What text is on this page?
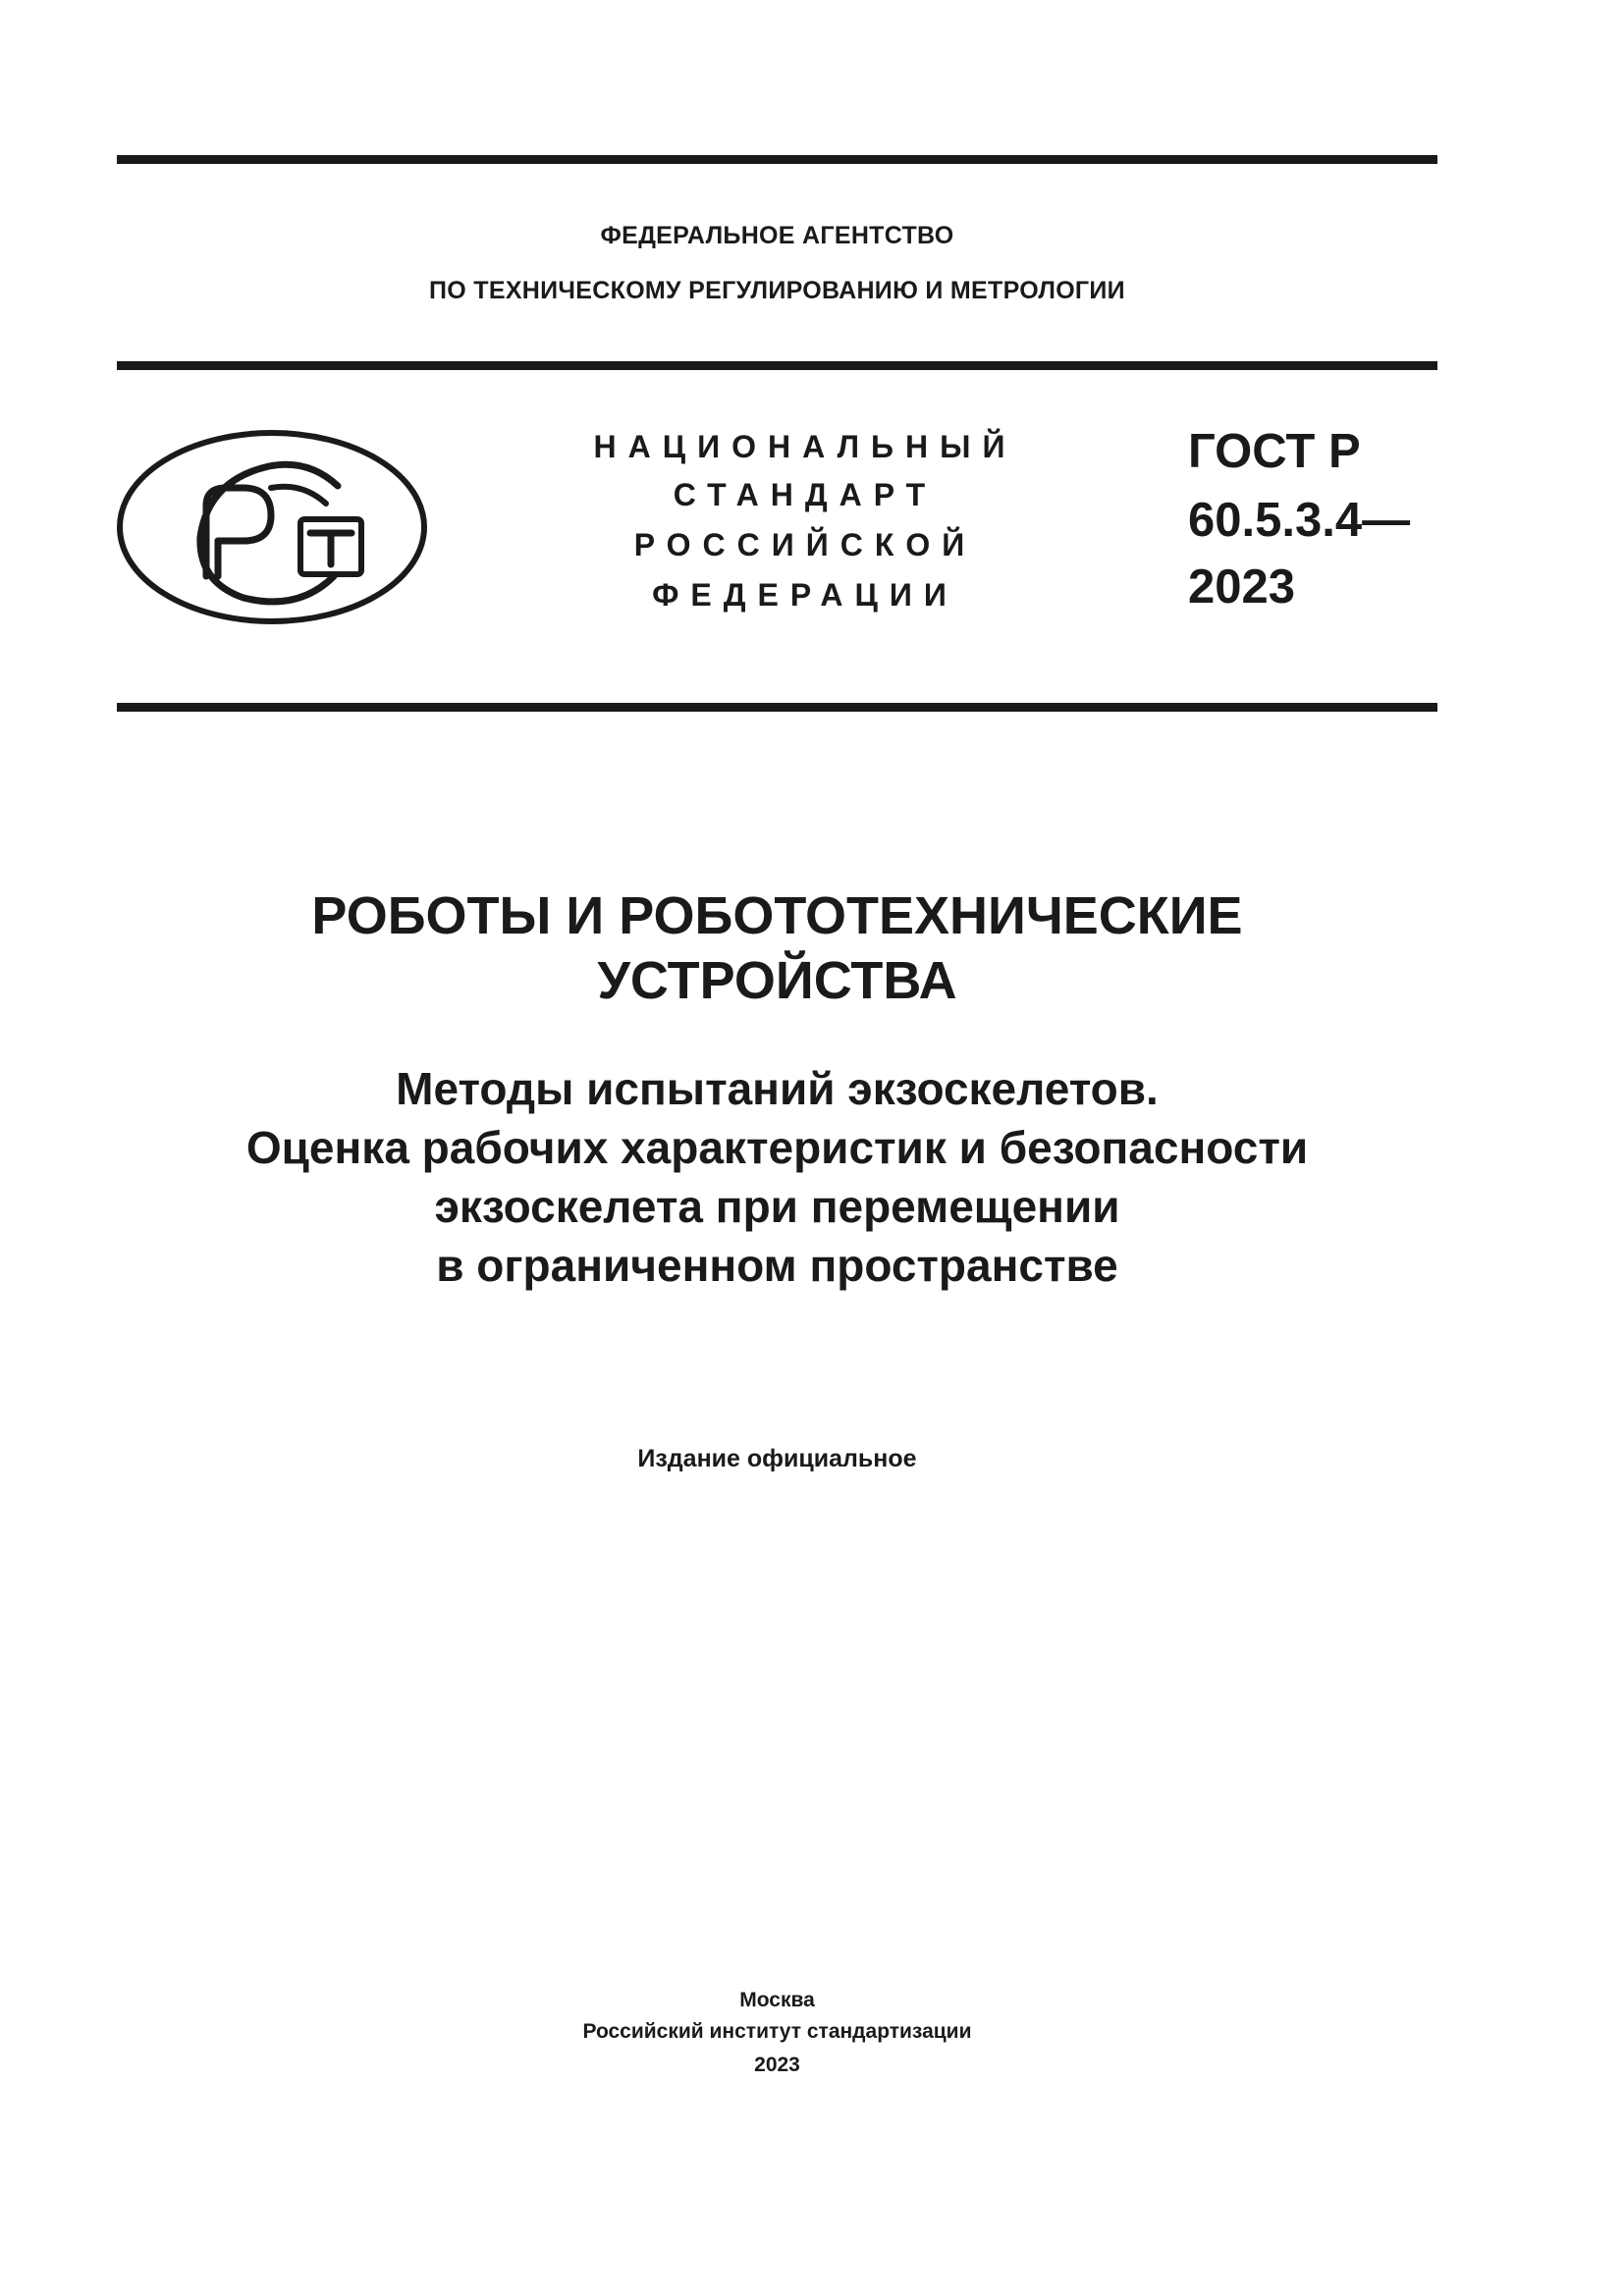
ФЕДЕРАЛЬНОЕ АГЕНТСТВО
ПО ТЕХНИЧЕСКОМУ РЕГУЛИРОВАНИЮ И МЕТРОЛОГИИ
НАЦИОНАЛЬНЫЙ
СТАНДАРТ
РОССИЙСКОЙ
ФЕДЕРАЦИИ
ГОСТ Р
60.5.3.4—
2023
РОБОТЫ И РОБОТОТЕХНИЧЕСКИЕ
УСТРОЙСТВА
Методы испытаний экзоскелетов.
Оценка рабочих характеристик и безопасности
экзоскелета при перемещении
в ограниченном пространстве
Издание официальное
Москва
Российский институт стандартизации
2023
